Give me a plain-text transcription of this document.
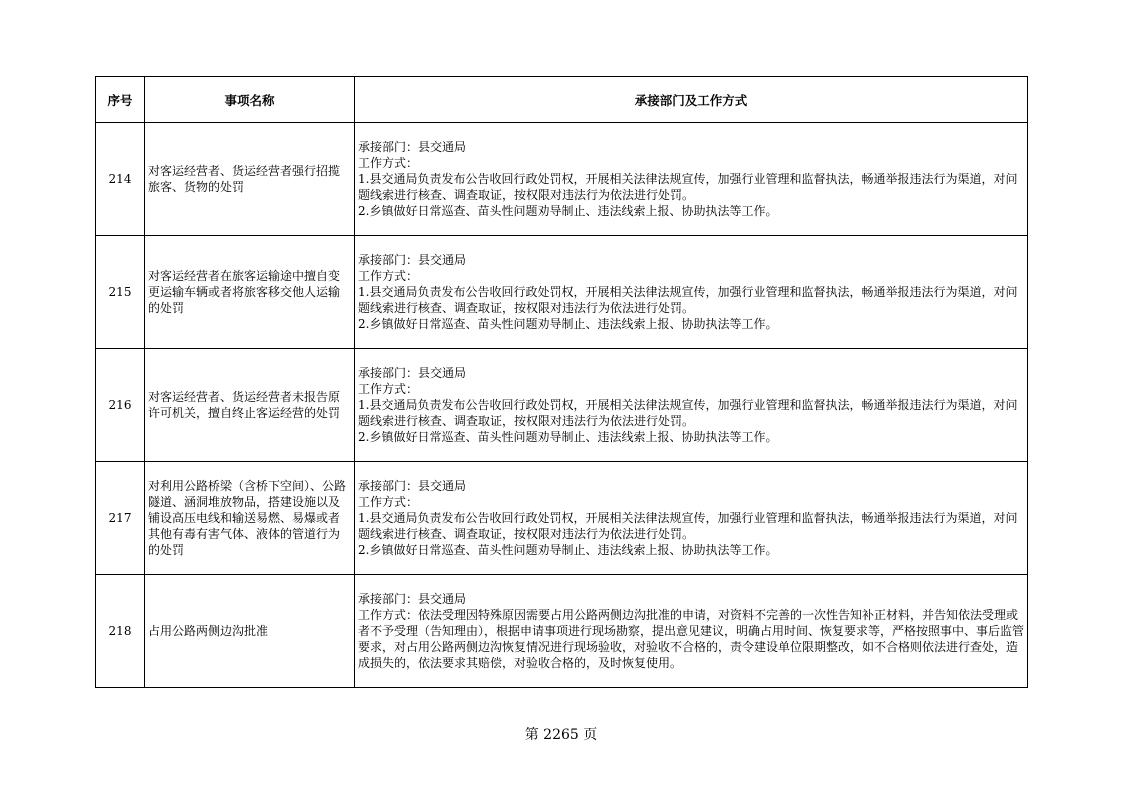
序号	事项名称	承接部门及工作方式
214	对客运经营者、货运经营者强行招揽旅客、货物的处罚	承接部门：县交通局
工作方式：
1.县交通局负责发布公告收回行政处罚权，开展相关法律法规宣传，加强行业管理和监督执法，畅通举报违法行为渠道，对问题线索进行核查、调查取证，按权限对违法行为依法进行处罚。
2.乡镇做好日常巡查、苗头性问题劝导制止、违法线索上报、协助执法等工作。

215	对客运经营者在旅客运输途中擅自变更运输车辆或者将旅客移交他人运输的处罚	承接部门：县交通局
工作方式：
1.县交通局负责发布公告收回行政处罚权，开展相关法律法规宣传，加强行业管理和监督执法，畅通举报违法行为渠道，对问题线索进行核查、调查取证，按权限对违法行为依法进行处罚。
2.乡镇做好日常巡查、苗头性问题劝导制止、违法线索上报、协助执法等工作。

216	对客运经营者、货运经营者未报告原许可机关，擅自终止客运经营的处罚	承接部门：县交通局
工作方式：
1.县交通局负责发布公告收回行政处罚权，开展相关法律法规宣传，加强行业管理和监督执法，畅通举报违法行为渠道，对问题线索进行核查、调查取证，按权限对违法行为依法进行处罚。
2.乡镇做好日常巡查、苗头性问题劝导制止、违法线索上报、协助执法等工作。

217	对利用公路桥梁（含桥下空间）、公路隧道、涵洞堆放物品，搭建设施以及铺设高压电线和输送易燃、易爆或者其他有毒有害气体、液体的管道行为的处罚	承接部门：县交通局
工作方式：
1.县交通局负责发布公告收回行政处罚权，开展相关法律法规宣传，加强行业管理和监督执法，畅通举报违法行为渠道，对问题线索进行核查、调查取证，按权限对违法行为依法进行处罚。
2.乡镇做好日常巡查、苗头性问题劝导制止、违法线索上报、协助执法等工作。

218	占用公路两侧边沟批准	承接部门：县交通局
工作方式：依法受理因特殊原因需要占用公路两侧边沟批准的申请，对资料不完善的一次性告知补正材料，并告知依法受理或者不予受理（告知理由），根据申请事项进行现场勘察，提出意见建议，明确占用时间、恢复要求等，严格按照事中、事后监管要求，对占用公路两侧边沟恢复情况进行现场验收，对验收不合格的，责令建设单位限期整改，如不合格则依法进行查处，造成损失的，依法要求其赔偿，对验收合格的，及时恢复使用。
第 2265 页
